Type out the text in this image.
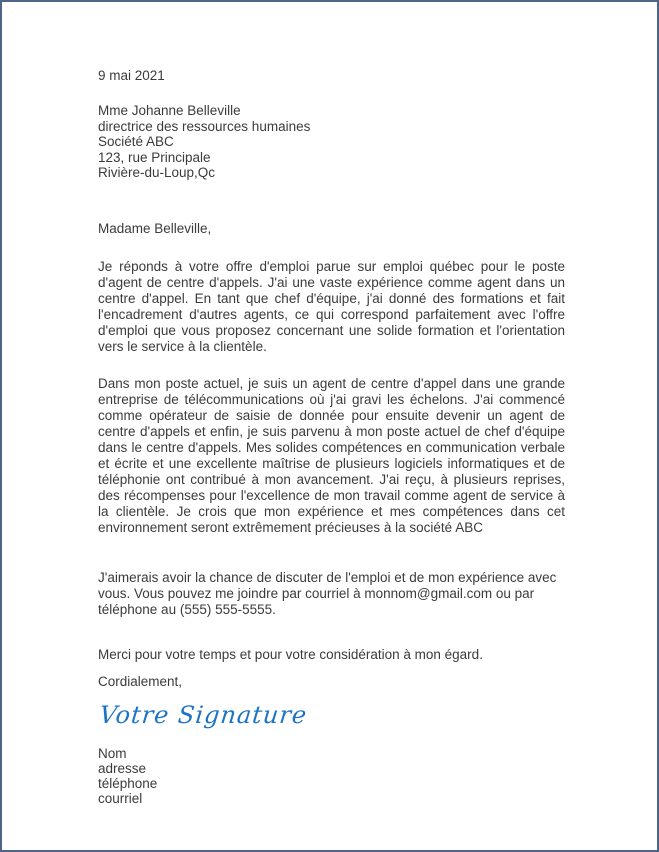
9 mai 2021

Mme Johanne Belleville
directrice des ressources humaines
Société ABC
123, rue Principale
Rivière-du-Loup,Qc

Madame Belleville,

Je réponds à votre offre d'emploi parue sur emploi québec pour le poste d'agent de centre d'appels. J'ai une vaste expérience comme agent dans un centre d'appel. En tant que chef d'équipe, j'ai donné des formations et fait l'encadrement d'autres agents, ce qui correspond parfaitement avec l'offre d'emploi que vous proposez concernant une solide formation et l'orientation vers le service à la clientèle.

Dans mon poste actuel, je suis un agent de centre d'appel dans une grande entreprise de télécommunications où j'ai gravi les échelons. J'ai commencé comme opérateur de saisie de donnée pour ensuite devenir un agent de centre d'appels et enfin, je suis parvenu à mon poste actuel de chef d'équipe dans le centre d'appels. Mes solides compétences en communication verbale et écrite et une excellente maîtrise de plusieurs logiciels informatiques et de téléphonie ont contribué à mon avancement. J'ai reçu, à plusieurs reprises, des récompenses pour l'excellence de mon travail comme agent de service à la clientèle. Je crois que mon expérience et mes compétences dans cet environnement seront extrêmement précieuses à la société ABC

J'aimerais avoir la chance de discuter de l'emploi et de mon expérience avec vous. Vous pouvez me joindre par courriel à monnom@gmail.com ou par téléphone au (555) 555-5555.

Merci pour votre temps et pour votre considération à mon égard.

Cordialement,

Votre Signature
Nom
adresse
téléphone
courriel
